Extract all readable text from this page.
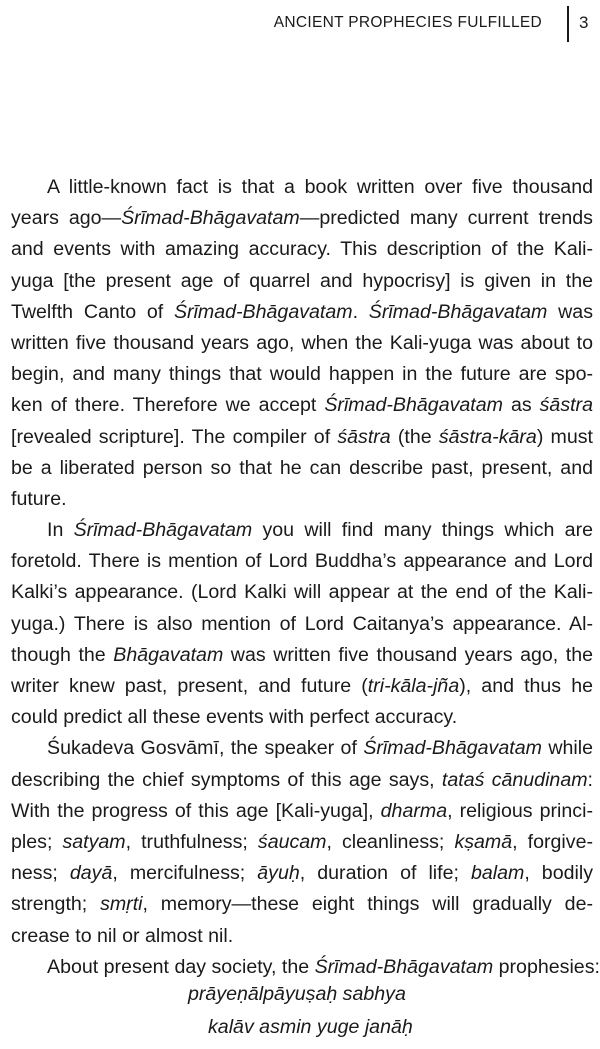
ANCIENT PROPHECIES FULFILLED 3
A little-known fact is that a book written over five thousand
years ago—Śrīmad-Bhāgavatam—predicted many current trends
and events with amazing accuracy. This description of the Kali-
yuga [the present age of quarrel and hypocrisy] is given in the
Twelfth Canto of Śrīmad-Bhāgavatam. Śrīmad-Bhāgavatam was
written five thousand years ago, when the Kali-yuga was about to
begin, and many things that would happen in the future are spo-
ken of there. Therefore we accept Śrīmad-Bhāgavatam as śāstra
[revealed scripture]. The compiler of śāstra (the śāstra-kāra) must
be a liberated person so that he can describe past, present, and
future.
In Śrīmad-Bhāgavatam you will find many things which are
foretold. There is mention of Lord Buddha’s appearance and Lord
Kalki’s appearance. (Lord Kalki will appear at the end of the Kali-
yuga.) There is also mention of Lord Caitanya’s appearance. Al-
though the Bhāgavatam was written five thousand years ago, the
writer knew past, present, and future (tri-kāla-jña), and thus he
could predict all these events with perfect accuracy.
Śukadeva Gosvāmī, the speaker of Śrīmad-Bhāgavatam while
describing the chief symptoms of this age says, tataś cānudinam:
With the progress of this age [Kali-yuga], dharma, religious princi-
ples; satyam, truthfulness; śaucam, cleanliness; kṣamā, forgive-
ness; dayā, mercifulness; āyuḥ, duration of life; balam, bodily
strength; smṛti, memory—these eight things will gradually de-
crease to nil or almost nil.
About present day society, the Śrīmad-Bhāgavatam prophesies:
prāyeṇālpāyuṣaḥ sabhya
kalāv asmin yuge janāḥ
